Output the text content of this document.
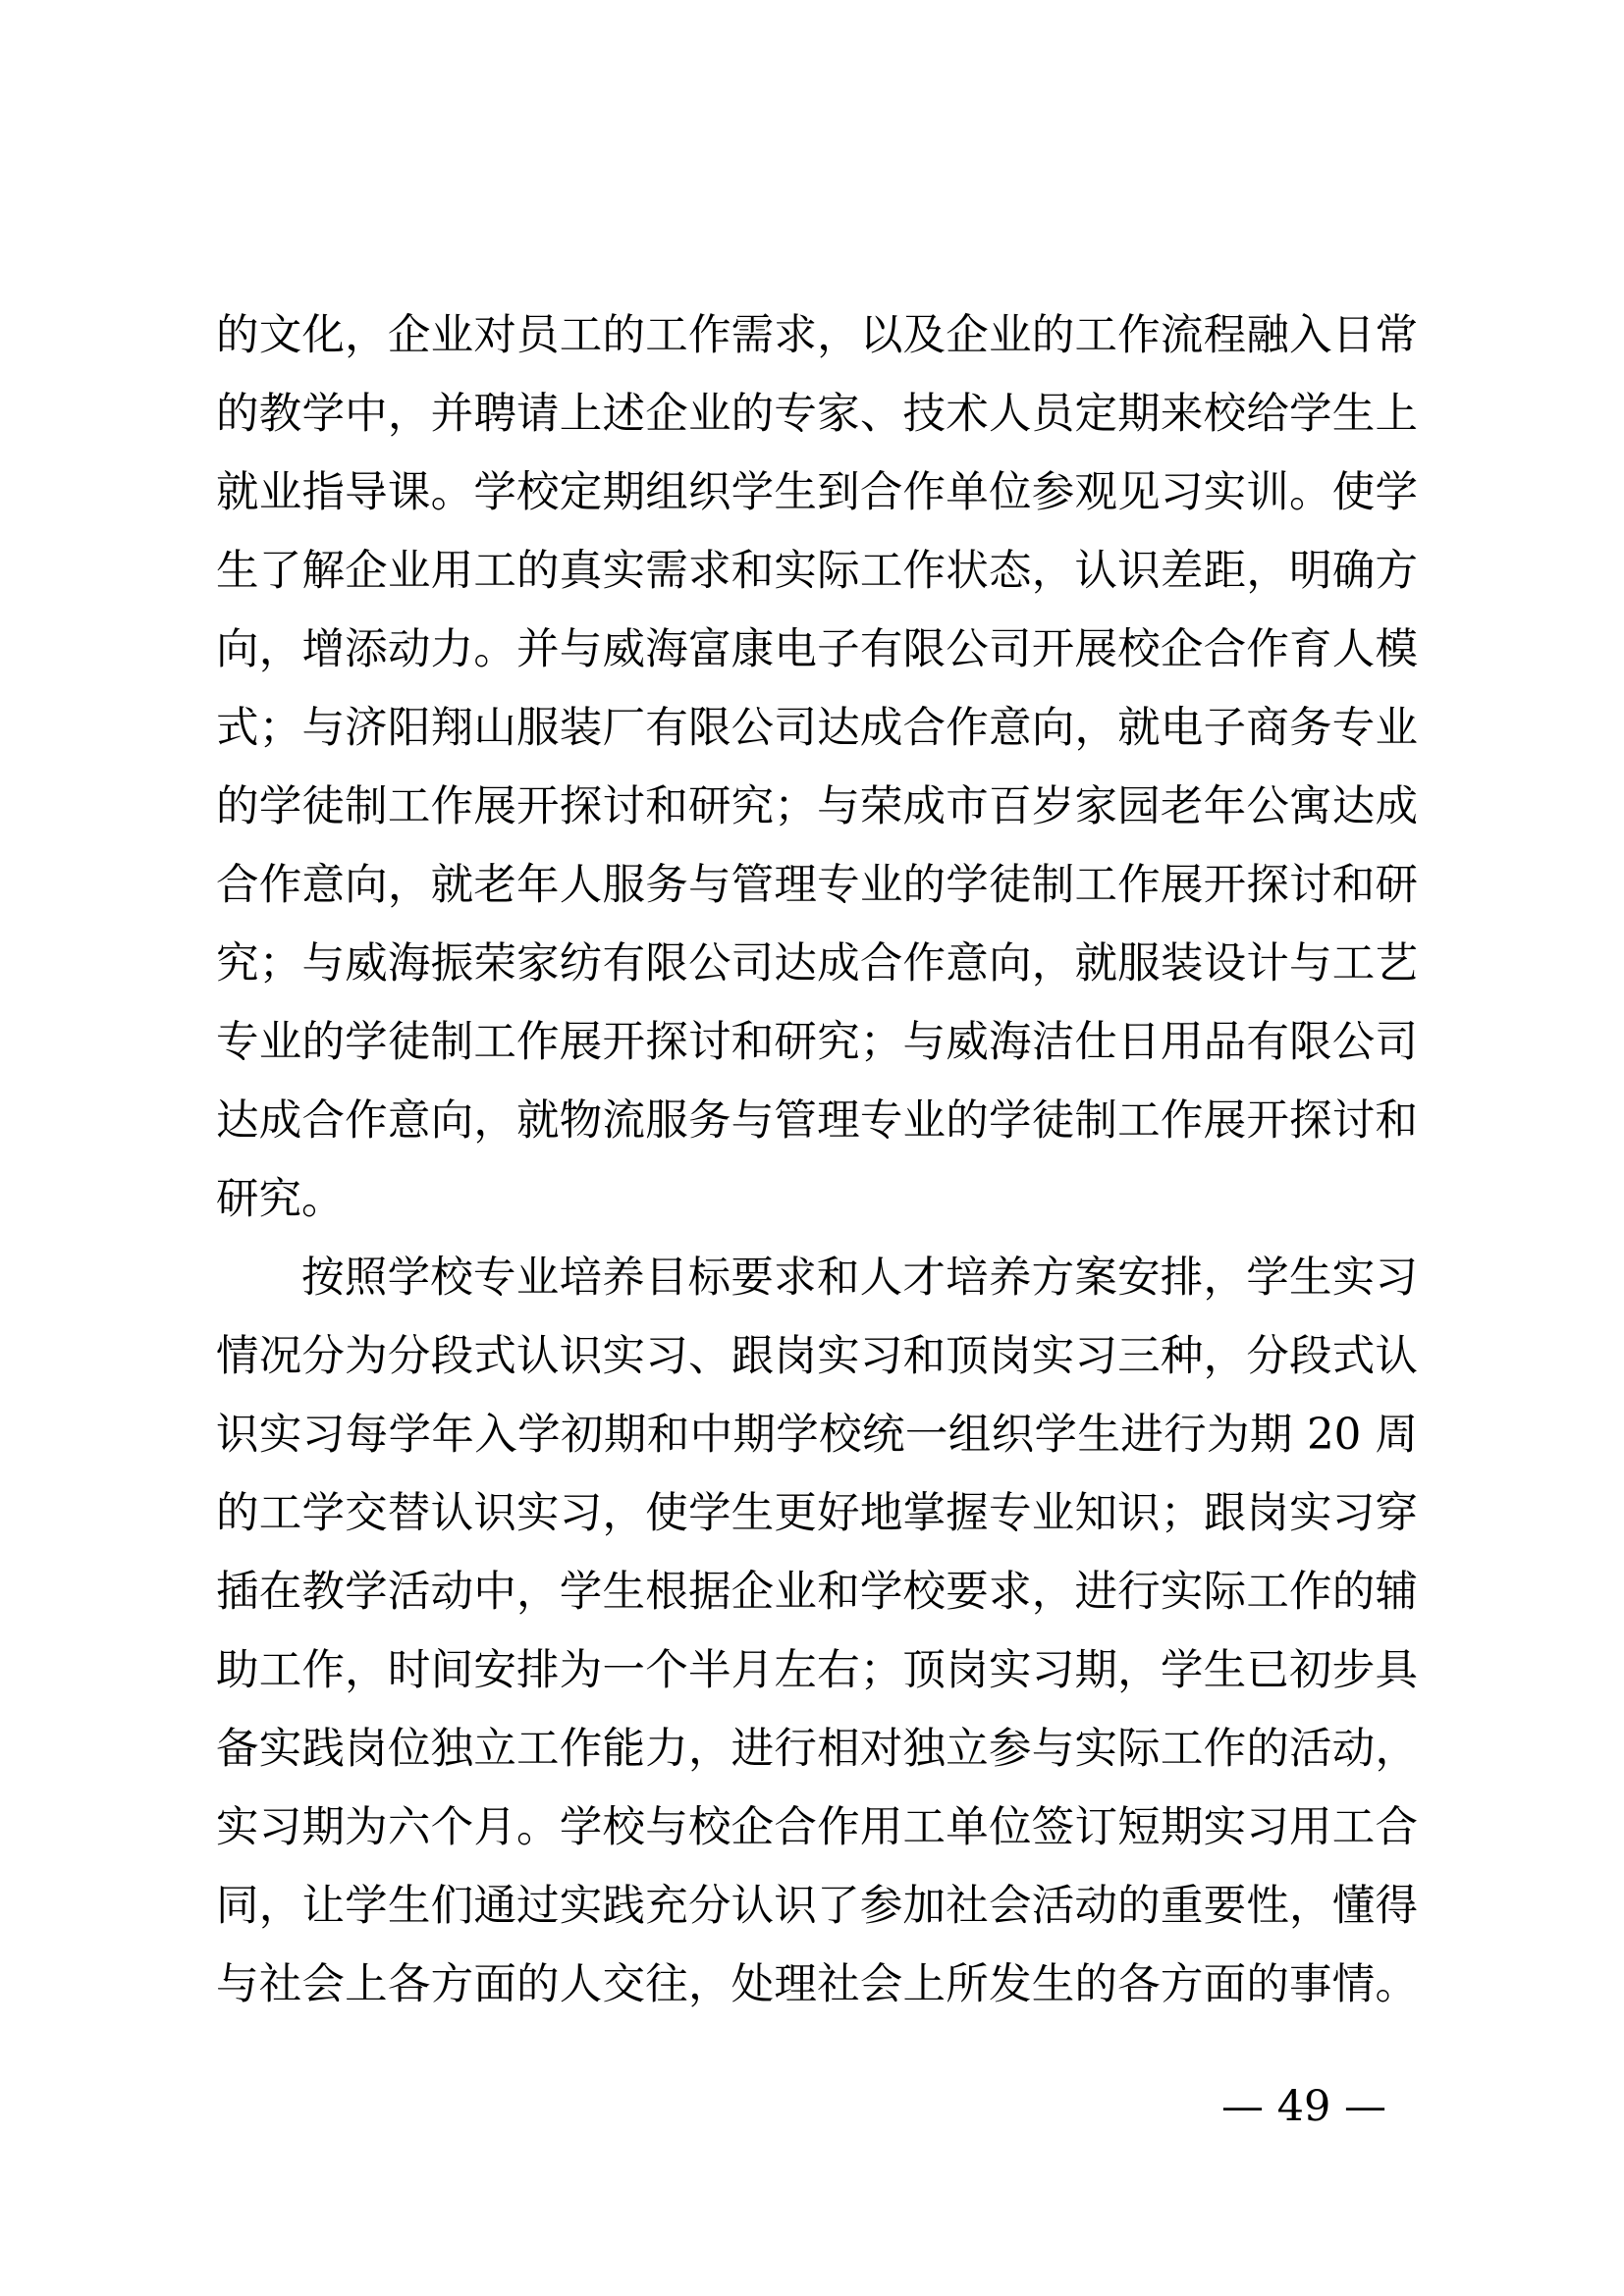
的文化，企业对员工的工作需求，以及企业的工作流程融入日常
的教学中，并聘请上述企业的专家、技术人员定期来校给学生上
就业指导课。学校定期组织学生到合作单位参观见习实训。使学
生了解企业用工的真实需求和实际工作状态，认识差距，明确方
向，增添动力。并与威海富康电子有限公司开展校企合作育人模
式；与济阳翔山服装厂有限公司达成合作意向，就电子商务专业
的学徒制工作展开探讨和研究；与荣成市百岁家园老年公寓达成
合作意向，就老年人服务与管理专业的学徒制工作展开探讨和研
究；与威海振荣家纺有限公司达成合作意向，就服装设计与工艺
专业的学徒制工作展开探讨和研究；与威海洁仕日用品有限公司
达成合作意向，就物流服务与管理专业的学徒制工作展开探讨和
研究。
按照学校专业培养目标要求和人才培养方案安排，学生实习
情况分为分段式认识实习、跟岗实习和顶岗实习三种，分段式认
识实习每学年入学初期和中期学校统一组织学生进行为期 20 周
的工学交替认识实习，使学生更好地掌握专业知识；跟岗实习穿
插在教学活动中，学生根据企业和学校要求，进行实际工作的辅
助工作，时间安排为一个半月左右；顶岗实习期，学生已初步具
备实践岗位独立工作能力，进行相对独立参与实际工作的活动，
实习期为六个月。学校与校企合作用工单位签订短期实习用工合
同，让学生们通过实践充分认识了参加社会活动的重要性，懂得
与社会上各方面的人交往，处理社会上所发生的各方面的事情。
— 49 —
